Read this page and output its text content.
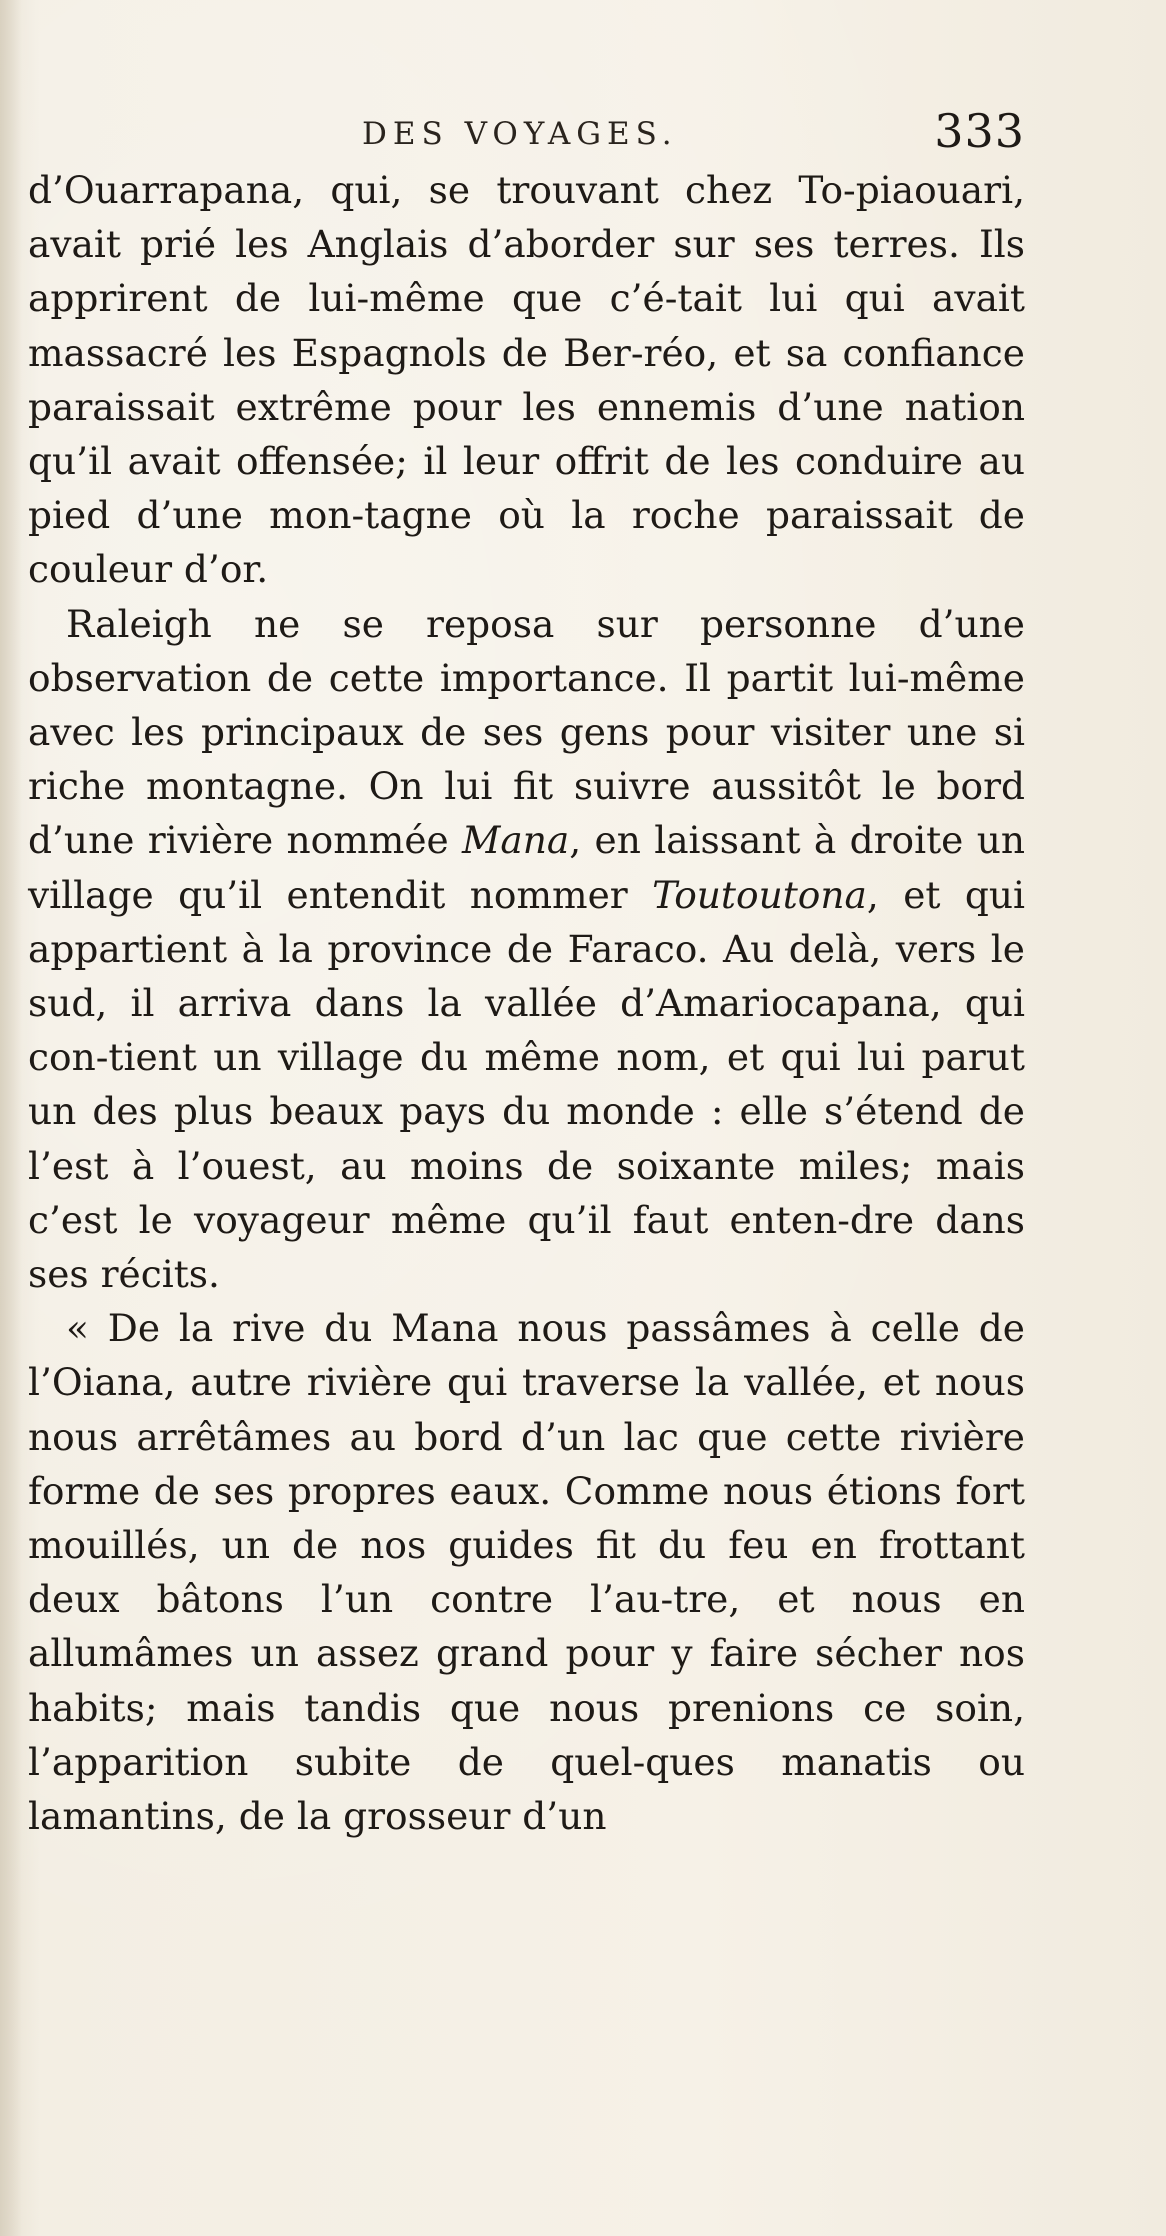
DES VOYAGES.	333

d’Ouarrapana, qui, se trouvant chez To-piaouari, avait prié les Anglais d’aborder sur ses terres. Ils apprirent de lui-même que c’é-tait lui qui avait massacré les Espagnols de Ber-réo, et sa confiance paraissait extrême pour les ennemis d’une nation qu’il avait offensée; il leur offrit de les conduire au pied d’une mon-tagne où la roche paraissait de couleur d’or.

Raleigh ne se reposa sur personne d’une observation de cette importance. Il partit lui-même avec les principaux de ses gens pour visiter une si riche montagne. On lui fit suivre aussitôt le bord d’une rivière nommée Mana, en laissant à droite un village qu’il entendit nommer Toutoutona, et qui appartient à la province de Faraco. Au delà, vers le sud, il arriva dans la vallée d’Amariocapana, qui con-tient un village du même nom, et qui lui parut un des plus beaux pays du monde : elle s’étend de l’est à l’ouest, au moins de soixante miles; mais c’est le voyageur même qu’il faut enten-dre dans ses récits.

« De la rive du Mana nous passâmes à celle de l’Oiana, autre rivière qui traverse la vallée, et nous nous arrêtâmes au bord d’un lac que cette rivière forme de ses propres eaux. Comme nous étions fort mouillés, un de nos guides fit du feu en frottant deux bâtons l’un contre l’au-tre, et nous en allumâmes un assez grand pour y faire sécher nos habits; mais tandis que nous prenions ce soin, l’apparition subite de quel-ques manatis ou lamantins, de la grosseur d’un
